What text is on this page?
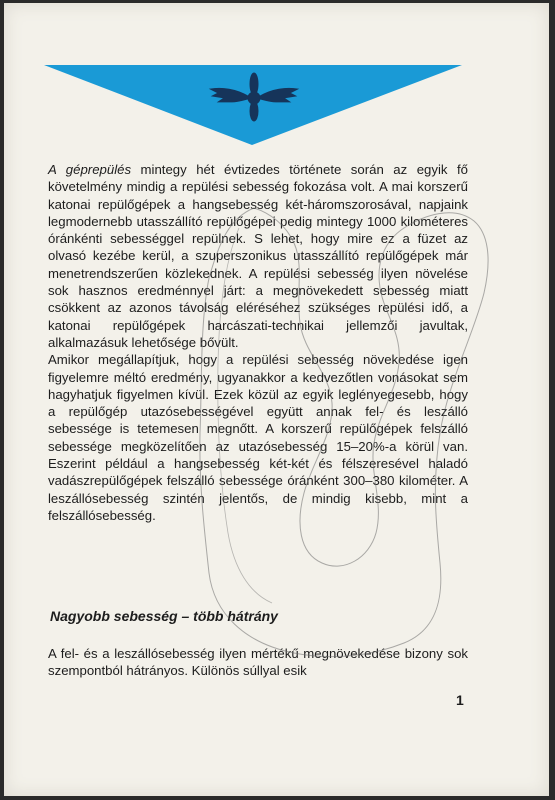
A géprepülés mintegy hét évtizedes története során az egyik fő követelmény mindig a repülési sebesség fokozása volt. A mai korszerű katonai repülőgépek a hangsebesség két-háromszorosával, napjaink legmodernebb utasszállító repülőgépei pedig mintegy 1000 kilométeres óránkénti sebességgel repülnek. S lehet, hogy mire ez a füzet az olvasó kezébe kerül, a szuperszonikus utasszállító repülőgépek már menetrendszerűen közlekednek. A repülési sebesség ilyen növelése sok hasznos eredménnyel járt: a megnövekedett sebesség miatt csökkent az azonos távolság eléréséhez szükséges repülési idő, a katonai repülőgépek harcászati-technikai jellemzői javultak, alkalmazásuk lehetősége bővült.

Amikor megállapítjuk, hogy a repülési sebesség növekedése igen figyelemre méltó eredmény, ugyanakkor a kedvezőtlen vonásokat sem hagyhatjuk figyelmen kívül. Ezek közül az egyik leglényegesebb, hogy a repülőgép utazósebességével együtt annak fel- és leszálló sebessége is tetemesen megnőtt. A korszerű repülőgépek felszálló sebessége megközelítően az utazósebesség 15–20%-a körül van. Eszerint például a hangsebesség két-két és félszeresével haladó vadászrepülőgépek felszálló sebessége óránként 300–380 kilométer. A leszállósebesség szintén jelentős, de mindig kisebb, mint a felszállósebesség.

Nagyobb sebesség – több hátrány

A fel- és a leszállósebesség ilyen mértékű megnövekedése bizony sok szempontból hátrányos. Különös súllyal esik

1
